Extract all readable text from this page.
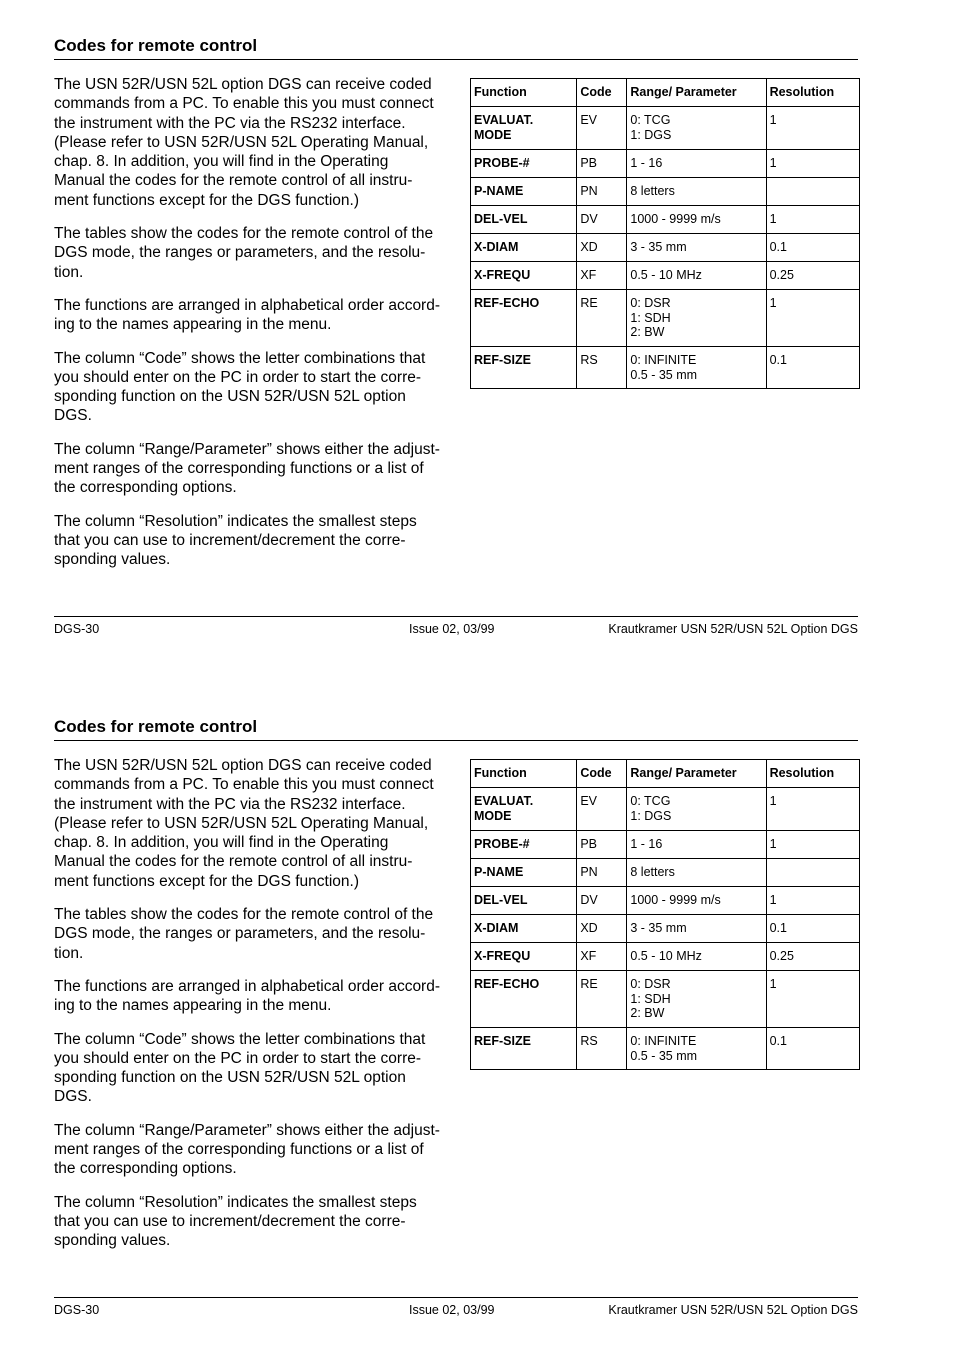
Codes for remote control

The USN 52R/USN 52L option DGS can receive coded
commands from a PC. To enable this you must connect
the instrument with the PC via the RS232 interface.
(Please refer to USN 52R/USN 52L Operating Manual,
chap. 8. In addition, you will find in the Operating
Manual the codes for the remote control of all instru-
ment functions except for the DGS function.)

The tables show the codes for the remote control of the
DGS mode, the ranges or parameters, and the resolu-
tion.

The functions are arranged in alphabetical order accord-
ing to the names appearing in the menu.

The column “Code” shows the letter combinations that
you should enter on the PC in order to start the corre-
sponding function on the USN 52R/USN 52L option
DGS.

The column “Range/Parameter” shows either the adjust-
ment ranges of the corresponding functions or a list of
the corresponding options.

The column “Resolution” indicates the smallest steps
that you can use to increment/decrement the corre-
sponding values.

Function	Code	Range/ Parameter	Resolution
EVALUAT.
MODE	EV	0: TCG
1: DGS	1
PROBE-#	PB	1 - 16	1
P-NAME	PN	8 letters	
DEL-VEL	DV	1000 - 9999 m/s	1
X-DIAM	XD	3 - 35 mm	0.1
X-FREQU	XF	0.5 - 10 MHz	0.25
REF-ECHO	RE	0: DSR
1: SDH
2: BW	1
REF-SIZE	RS	0: INFINITE
0.5 - 35 mm	0.1
DGS-30	Issue 02, 03/99	Krautkramer USN 52R/USN 52L Option DGS
Codes for remote control

The USN 52R/USN 52L option DGS can receive coded
commands from a PC. To enable this you must connect
the instrument with the PC via the RS232 interface.
(Please refer to USN 52R/USN 52L Operating Manual,
chap. 8. In addition, you will find in the Operating
Manual the codes for the remote control of all instru-
ment functions except for the DGS function.)

The tables show the codes for the remote control of the
DGS mode, the ranges or parameters, and the resolu-
tion.

The functions are arranged in alphabetical order accord-
ing to the names appearing in the menu.

The column “Code” shows the letter combinations that
you should enter on the PC in order to start the corre-
sponding function on the USN 52R/USN 52L option
DGS.

The column “Range/Parameter” shows either the adjust-
ment ranges of the corresponding functions or a list of
the corresponding options.

The column “Resolution” indicates the smallest steps
that you can use to increment/decrement the corre-
sponding values.

Function	Code	Range/ Parameter	Resolution
EVALUAT.
MODE	EV	0: TCG
1: DGS	1
PROBE-#	PB	1 - 16	1
P-NAME	PN	8 letters	
DEL-VEL	DV	1000 - 9999 m/s	1
X-DIAM	XD	3 - 35 mm	0.1
X-FREQU	XF	0.5 - 10 MHz	0.25
REF-ECHO	RE	0: DSR
1: SDH
2: BW	1
REF-SIZE	RS	0: INFINITE
0.5 - 35 mm	0.1
DGS-30	Issue 02, 03/99	Krautkramer USN 52R/USN 52L Option DGS
